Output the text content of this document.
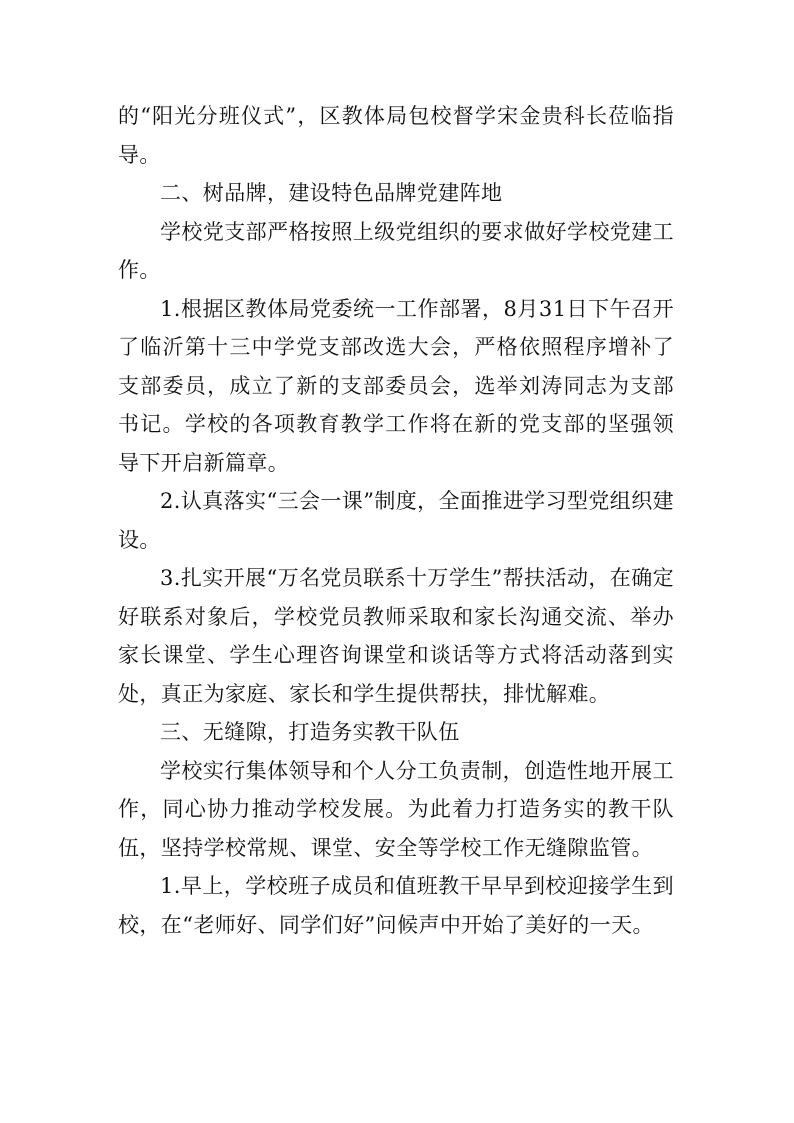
的“阳光分班仪式”，区教体局包校督学宋金贵科长莅临指导。

二、树品牌，建设特色品牌党建阵地

学校党支部严格按照上级党组织的要求做好学校党建工作。

1.根据区教体局党委统一工作部署，8月31日下午召开了临沂第十三中学党支部改选大会，严格依照程序增补了支部委员，成立了新的支部委员会，选举刘涛同志为支部书记。学校的各项教育教学工作将在新的党支部的坚强领导下开启新篇章。

2.认真落实“三会一课”制度，全面推进学习型党组织建设。

3.扎实开展“万名党员联系十万学生”帮扶活动，在确定好联系对象后，学校党员教师采取和家长沟通交流、举办家长课堂、学生心理咨询课堂和谈话等方式将活动落到实处，真正为家庭、家长和学生提供帮扶，排忧解难。

三、无缝隙，打造务实教干队伍

学校实行集体领导和个人分工负责制，创造性地开展工作，同心协力推动学校发展。为此着力打造务实的教干队伍，坚持学校常规、课堂、安全等学校工作无缝隙监管。

1.早上，学校班子成员和值班教干早早到校迎接学生到校，在“老师好、同学们好”问候声中开始了美好的一天。
